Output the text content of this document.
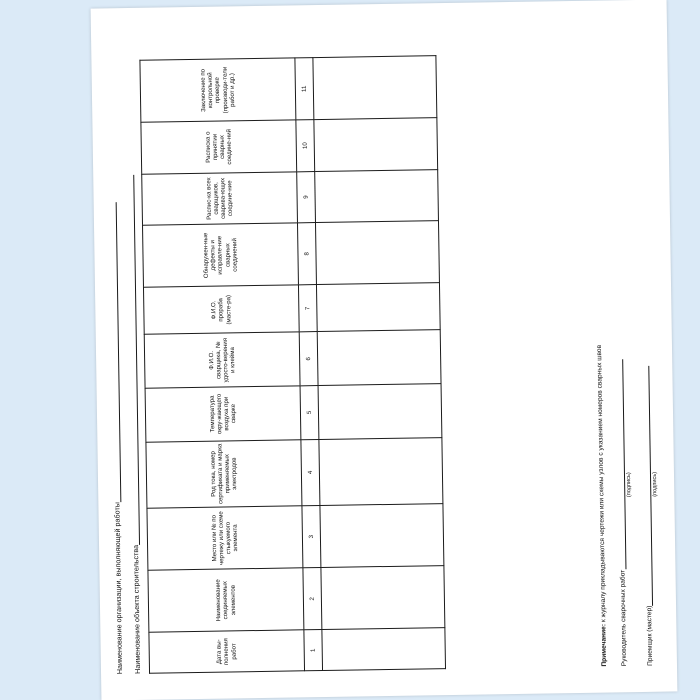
Наименование организации, выполняющей работы Наименование объекта строительства	Дата вы-полнения работ	Наименование соединяемых элементов	Место или № по чертежу или схеме стыкуемого элемента	Род тока, номер сертификата и марка применяемых электродов	Температура окру-жающего воздуха при сварке	Ф.И.О. сварщика, № удосто-верения и клейма	Ф.И.О. прораба (масте-ра)	Обнаружен-ные дефекты и исправле-ние сварных соединений	Распис-ка всех сварщиков, сварива-ющих соедине-ние	Расписка о принятии сварных соедине-ний	Заключение по контрольной проверке (производи-тели работ и др.)
1	2	3	4	5	6	7	8	9	10	11

Примечание: к журналу прикладываются чертежи или схемы узлов с указанием номеров сварных швов	Руководитель сварочных работ
(подпись)
Приемщик (мастер)
(подпись)
